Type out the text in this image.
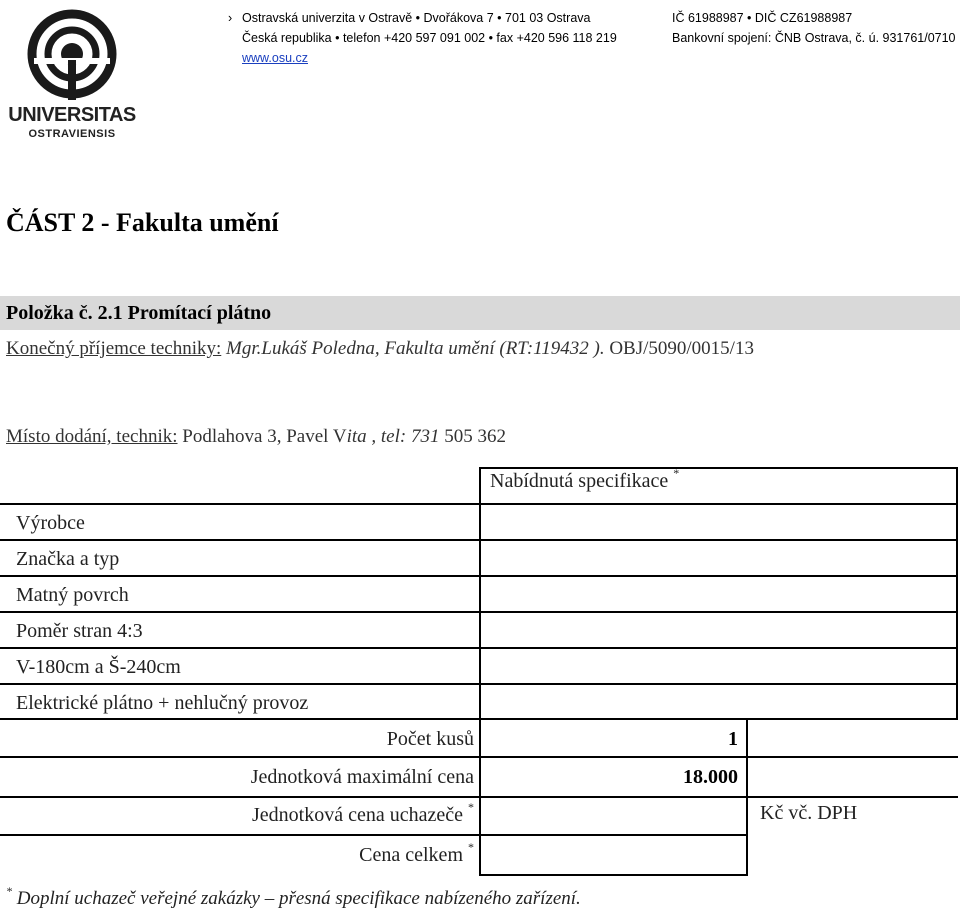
UNIVERSITAS
OSTRAVIENSIS
› Ostravská univerzita v Ostravě • Dvořákova 7 • 701 03 Ostrava
Česká republika • telefon +420 597 091 002 • fax +420 596 118 219
www.osu.cz
IČ 61988987 • DIČ CZ61988987
Bankovní spojení: ČNB Ostrava, č. ú. 931761/0710
ČÁST 2 - Fakulta umění
Položka č. 2.1 Promítací plátno
Konečný příjemce techniky: Mgr.Lukáš Poledna, Fakulta umění (RT:119432 ). OBJ/5090/0015/13
Místo dodání, technik: Podlahova 3, Pavel Vita , tel: 731 505 362
Nabídnutá specifikace *
Výrobce
Značka a typ
Matný povrch
Poměr stran 4:3
V-180cm a Š-240cm
Elektrické plátno + nehlučný provoz
Počet kusů	1
Jednotková maximální cena	18.000
Jednotková cena uchazeče *
Cena celkem *
Kč vč. DPH
* Doplní uchazeč veřejné zakázky – přesná specifikace nabízeného zařízení.
